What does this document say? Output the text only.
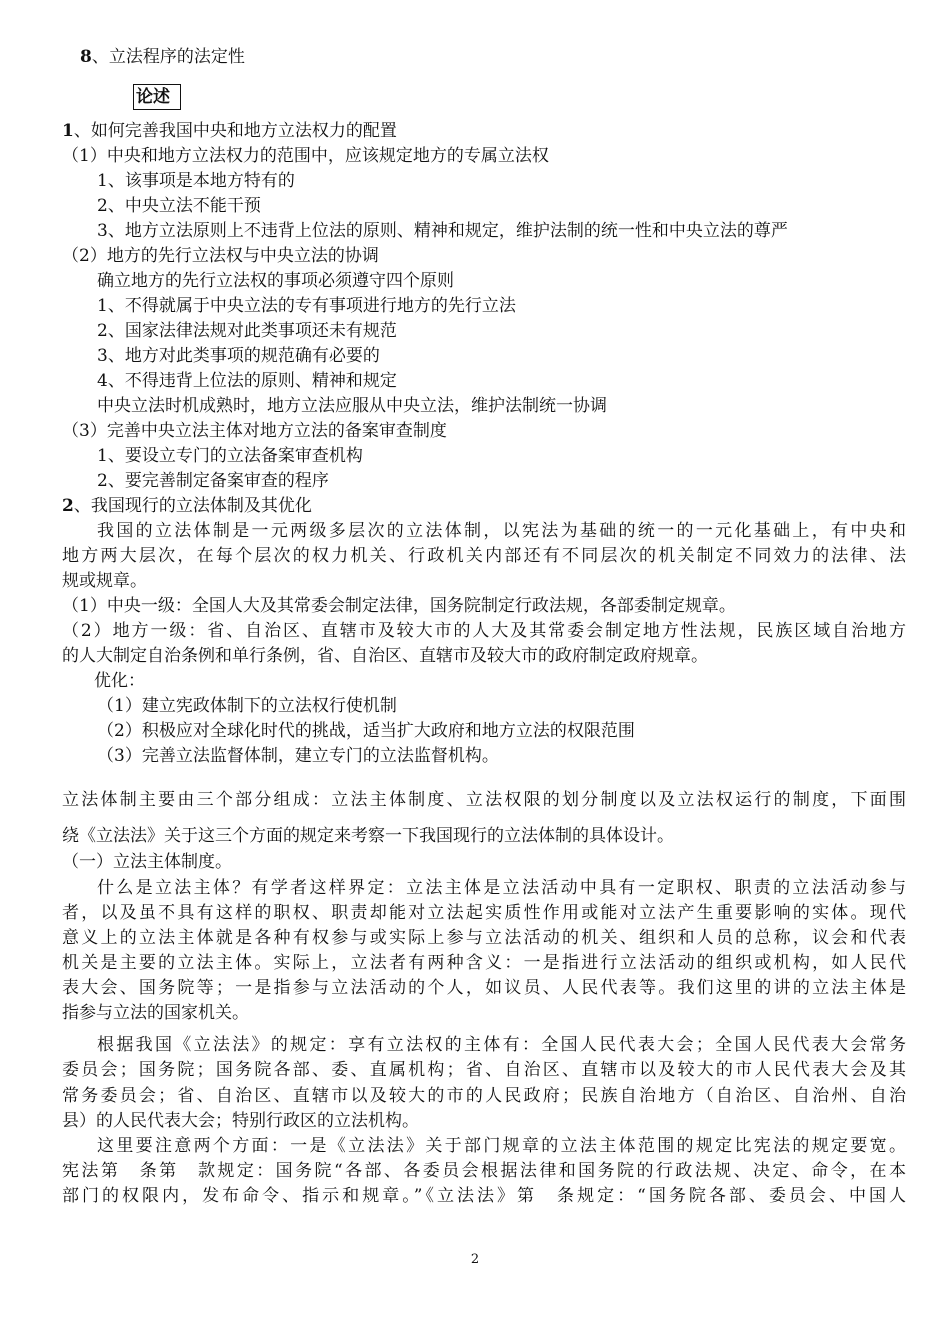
8、立法程序的法定性
论述
1、如何完善我国中央和地方立法权力的配置
（1）中央和地方立法权力的范围中，应该规定地方的专属立法权
1、该事项是本地方特有的
2、中央立法不能干预
3、地方立法原则上不违背上位法的原则、精神和规定，维护法制的统一性和中央立法的尊严
（2）地方的先行立法权与中央立法的协调
确立地方的先行立法权的事项必须遵守四个原则
1、不得就属于中央立法的专有事项进行地方的先行立法
2、国家法律法规对此类事项还未有规范
3、地方对此类事项的规范确有必要的
4、不得违背上位法的原则、精神和规定
中央立法时机成熟时，地方立法应服从中央立法，维护法制统一协调
（3）完善中央立法主体对地方立法的备案审查制度
1、要设立专门的立法备案审查机构
2、要完善制定备案审查的程序
2、我国现行的立法体制及其优化
我国的立法体制是一元两级多层次的立法体制，以宪法为基础的统一的一元化基础上，有中央和
地方两大层次，在每个层次的权力机关、行政机关内部还有不同层次的机关制定不同效力的法律、法
规或规章。
（1）中央一级：全国人大及其常委会制定法律，国务院制定行政法规，各部委制定规章。
（2）地方一级：省、自治区、直辖市及较大市的人大及其常委会制定地方性法规，民族区域自治地方
的人大制定自治条例和单行条例，省、自治区、直辖市及较大市的政府制定政府规章。
优化：
（1）建立宪政体制下的立法权行使机制
（2）积极应对全球化时代的挑战，适当扩大政府和地方立法的权限范围
（3）完善立法监督体制，建立专门的立法监督机构。
立法体制主要由三个部分组成：立法主体制度、立法权限的划分制度以及立法权运行的制度，下面围
绕《立法法》关于这三个方面的规定来考察一下我国现行的立法体制的具体设计。
（一）立法主体制度。
什么是立法主体？有学者这样界定：立法主体是立法活动中具有一定职权、职责的立法活动参与
者，以及虽不具有这样的职权、职责却能对立法起实质性作用或能对立法产生重要影响的实体。现代
意义上的立法主体就是各种有权参与或实际上参与立法活动的机关、组织和人员的总称，议会和代表
机关是主要的立法主体。实际上，立法者有两种含义：一是指进行立法活动的组织或机构，如人民代
表大会、国务院等；一是指参与立法活动的个人，如议员、人民代表等。我们这里的讲的立法主体是
指参与立法的国家机关。
根据我国《立法法》的规定：享有立法权的主体有：全国人民代表大会；全国人民代表大会常务
委员会；国务院；国务院各部、委、直属机构；省、自治区、直辖市以及较大的市人民代表大会及其
常务委员会；省、自治区、直辖市以及较大的市的人民政府；民族自治地方（自治区、自治州、自治
县）的人民代表大会；特别行政区的立法机构。
这里要注意两个方面：一是《立法法》关于部门规章的立法主体范围的规定比宪法的规定要宽。
宪法第　条第　款规定：国务院“各部、各委员会根据法律和国务院的行政法规、决定、命令，在本
部门的权限内，发布命令、指示和规章。”《立法法》第　条规定：“国务院各部、委员会、中国人
2
